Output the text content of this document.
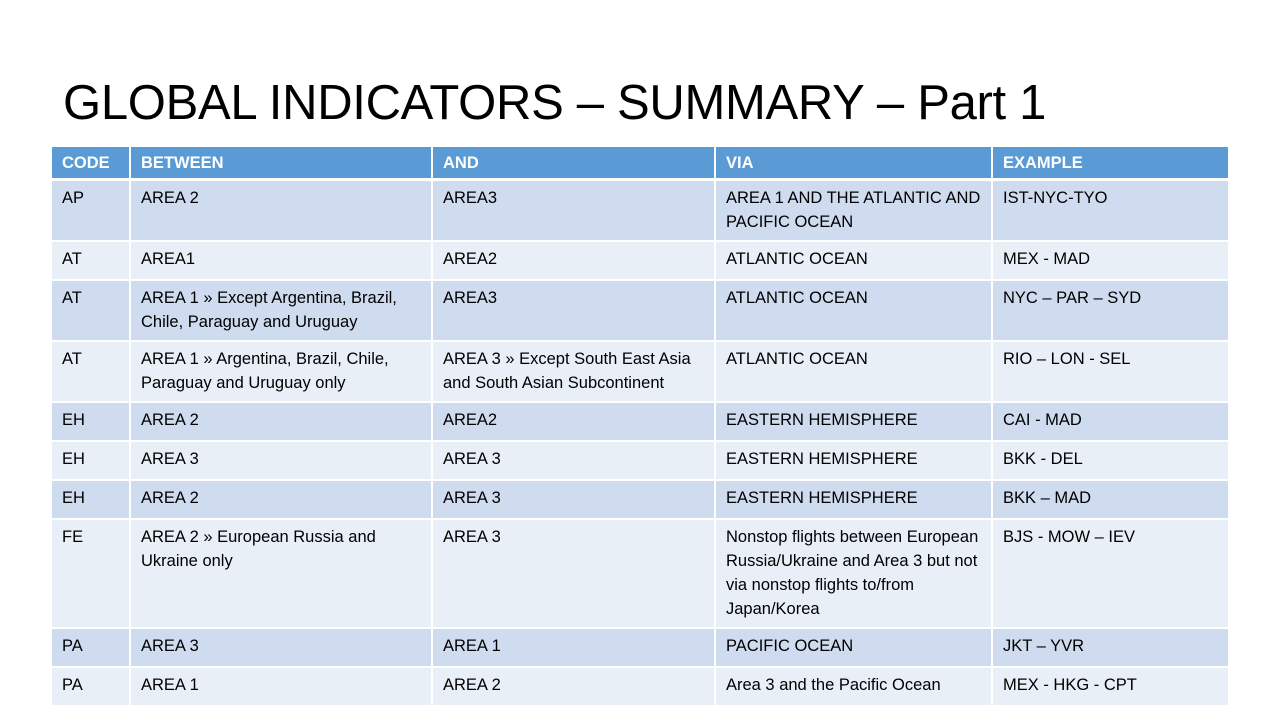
GLOBAL INDICATORS – SUMMARY – Part 1
CODE	BETWEEN	AND	VIA	EXAMPLE
AP	AREA 2	AREA3	AREA 1 AND THE ATLANTIC AND PACIFIC OCEAN	IST-NYC-TYO
AT	AREA1	AREA2	ATLANTIC OCEAN	MEX - MAD
AT	AREA 1 » Except Argentina, Brazil, Chile, Paraguay and Uruguay	AREA3	ATLANTIC OCEAN	NYC – PAR – SYD
AT	AREA 1 » Argentina, Brazil, Chile, Paraguay and Uruguay only	AREA 3 » Except South East Asia and South Asian Subcontinent	ATLANTIC OCEAN	RIO – LON - SEL
EH	AREA 2	AREA2	EASTERN HEMISPHERE	CAI - MAD
EH	AREA 3	AREA 3	EASTERN HEMISPHERE	BKK - DEL
EH	AREA 2	AREA 3	EASTERN HEMISPHERE	BKK – MAD
FE	AREA 2 » European Russia and Ukraine only	AREA 3	Nonstop flights between European Russia/Ukraine and Area 3 but not via nonstop flights to/from Japan/Korea	BJS - MOW – IEV
PA	AREA 3	AREA 1	PACIFIC OCEAN	JKT – YVR
PA	AREA 1	AREA 2	Area 3 and the Pacific Ocean	MEX - HKG - CPT
